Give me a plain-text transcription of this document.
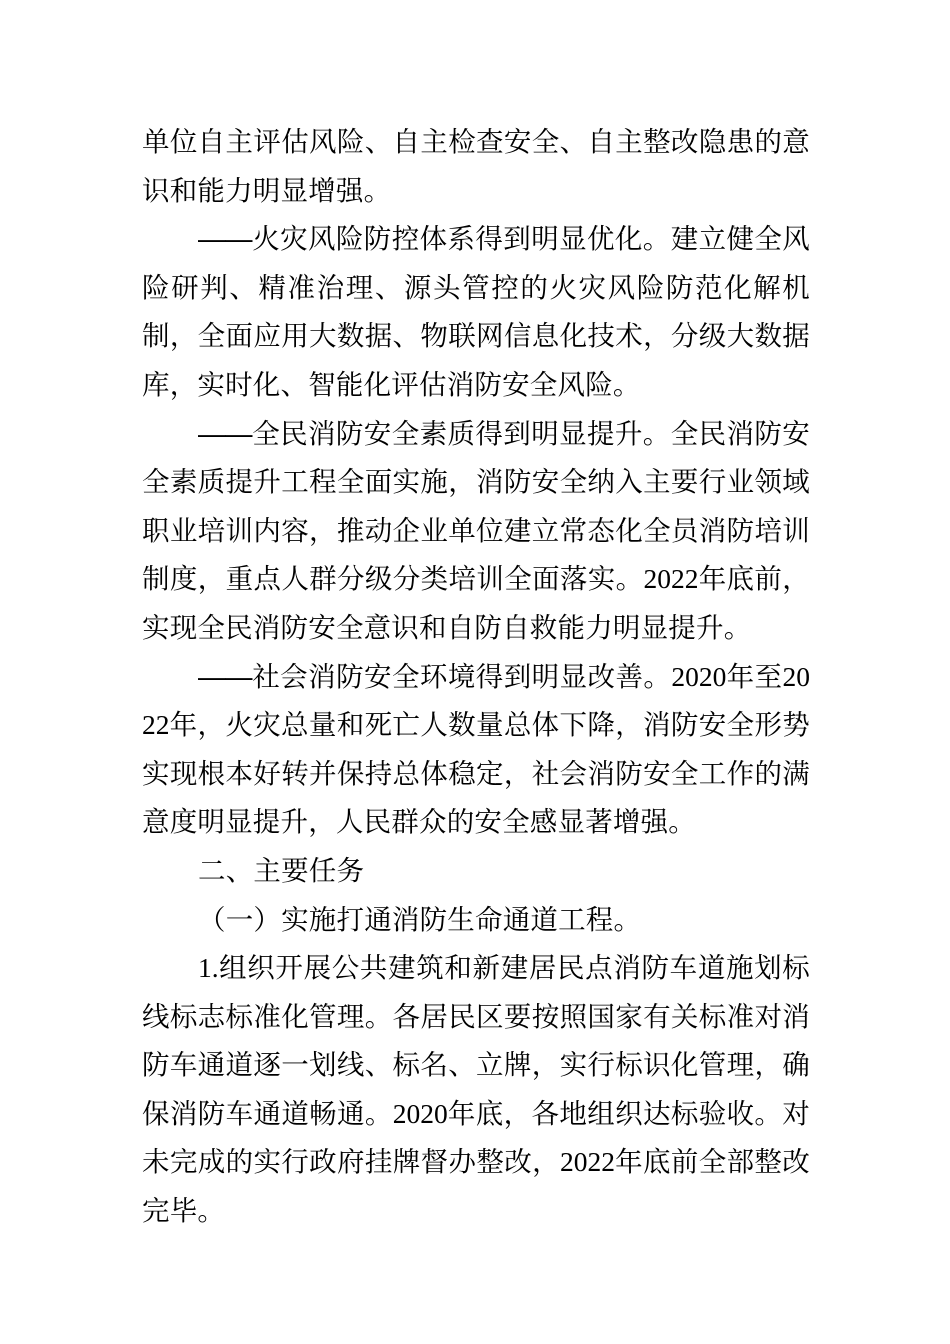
单位自主评估风险、自主检查安全、自主整改隐患的意识和能力明显增强。

——火灾风险防控体系得到明显优化。建立健全风险研判、精准治理、源头管控的火灾风险防范化解机制，全面应用大数据、物联网信息化技术，分级大数据库，实时化、智能化评估消防安全风险。

——全民消防安全素质得到明显提升。全民消防安全素质提升工程全面实施，消防安全纳入主要行业领域职业培训内容，推动企业单位建立常态化全员消防培训制度，重点人群分级分类培训全面落实。2022年底前，实现全民消防安全意识和自防自救能力明显提升。

——社会消防安全环境得到明显改善。2020年至2022年，火灾总量和死亡人数量总体下降，消防安全形势实现根本好转并保持总体稳定，社会消防安全工作的满意度明显提升，人民群众的安全感显著增强。

二、主要任务

（一）实施打通消防生命通道工程。

1.组织开展公共建筑和新建居民点消防车道施划标线标志标准化管理。各居民区要按照国家有关标准对消防车通道逐一划线、标名、立牌，实行标识化管理，确保消防车通道畅通。2020年底，各地组织达标验收。对未完成的实行政府挂牌督办整改，2022年底前全部整改完毕。
